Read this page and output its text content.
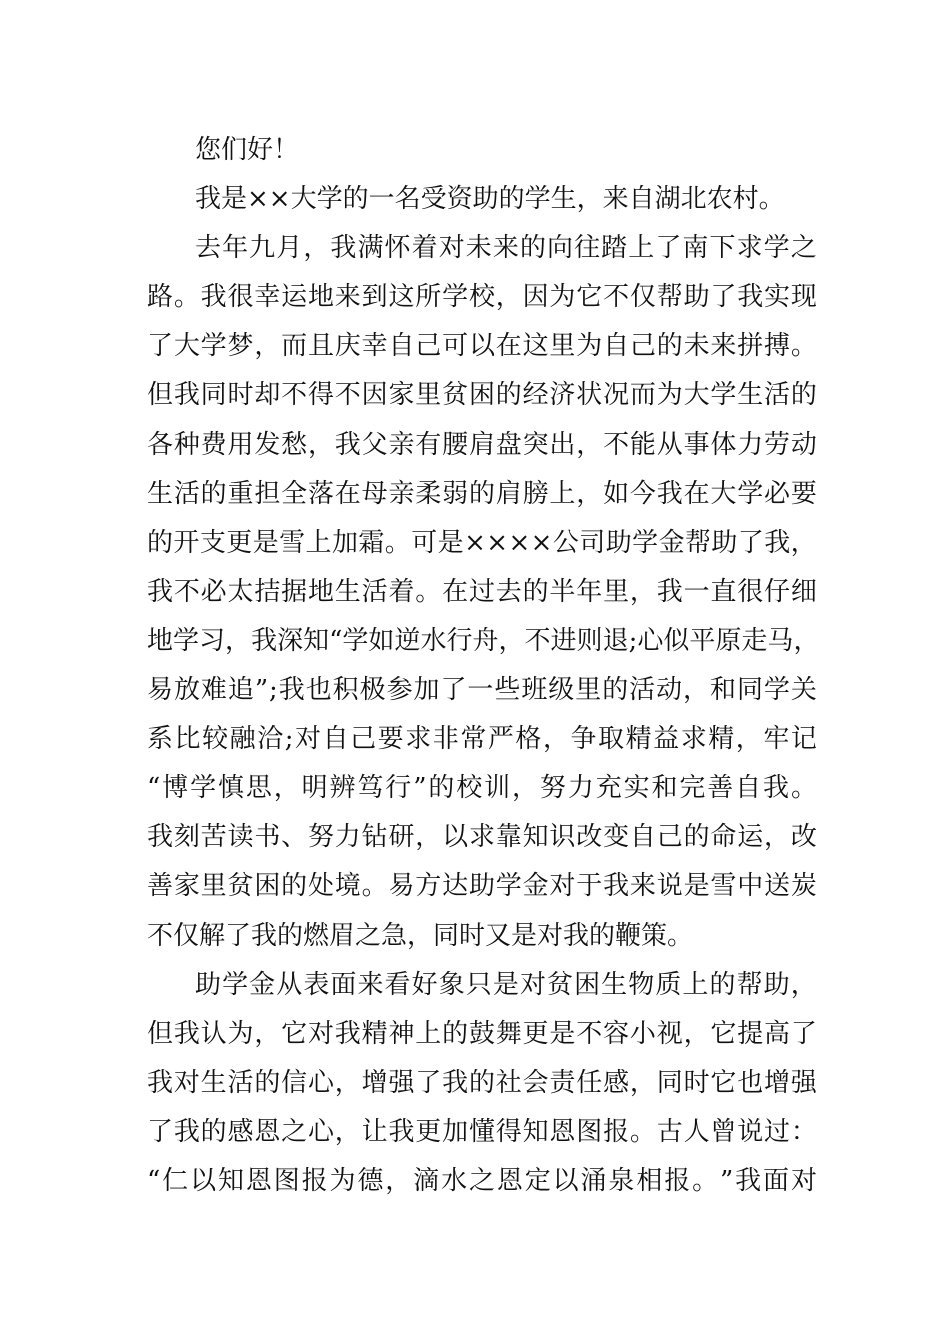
您们好！
我是××大学的一名受资助的学生，来自湖北农村。
去 年 九 月 ， 我 满 怀 着 对 未 来 的 向 往 踏 上 了 南 下 求 学 之
路 。 我 很 幸 运 地 来 到 这 所 学 校 ， 因 为 它 不 仅 帮 助 了 我 实 现
了 大 学 梦 ， 而 且 庆 幸 自 己 可 以 在 这 里 为 自 己 的 未 来 拼 搏 。
但 我 同 时 却 不 得 不 因 家 里 贫 困 的 经 济 状 况 而 为 大 学 生 活 的
各 种 费 用 发 愁 ， 我 父 亲 有 腰 肩 盘 突 出 ， 不 能 从 事 体 力 劳 动
生 活 的 重 担 全 落 在 母 亲 柔 弱 的 肩 膀 上 ， 如 今 我 在 大 学 必 要
的 开 支 更 是 雪 上 加 霜 。 可 是 × × × × 公 司 助 学 金 帮 助 了 我 ，
我 不 必 太 拮 据 地 生 活 着 。 在 过 去 的 半 年 里 ， 我 一 直 很 仔 细
地 学 习 ， 我 深 知 “ 学 如 逆 水 行 舟 ， 不 进 则 退 ; 心 似 平 原 走 马 ，
易 放 难 追 ” ; 我 也 积 极 参 加 了 一 些 班 级 里 的 活 动 ， 和 同 学 关
系 比 较 融 洽 ; 对 自 己 要 求 非 常 严 格 ， 争 取 精 益 求 精 ， 牢 记
“ 博 学 慎 思 ， 明 辨 笃 行 ” 的 校 训 ， 努 力 充 实 和 完 善 自 我 。
我 刻 苦 读 书 、 努 力 钻 研 ， 以 求 靠 知 识 改 变 自 己 的 命 运 ， 改
善 家 里 贫 困 的 处 境 。 易 方 达 助 学 金 对 于 我 来 说 是 雪 中 送 炭
不仅解了我的燃眉之急，同时又是对我的鞭策。
助 学 金 从 表 面 来 看 好 象 只 是 对 贫 困 生 物 质 上 的 帮 助 ，
但 我 认 为 ， 它 对 我 精 神 上 的 鼓 舞 更 是 不 容 小 视 ， 它 提 高 了
我 对 生 活 的 信 心 ， 增 强 了 我 的 社 会 责 任 感 ， 同 时 它 也 增 强
了 我 的 感 恩 之 心 ， 让 我 更 加 懂 得 知 恩 图 报 。 古 人 曾 说 过 ：
“ 仁 以 知 恩 图 报 为 德 ， 滴 水 之 恩 定 以 涌 泉 相 报 。 ” 我 面 对
